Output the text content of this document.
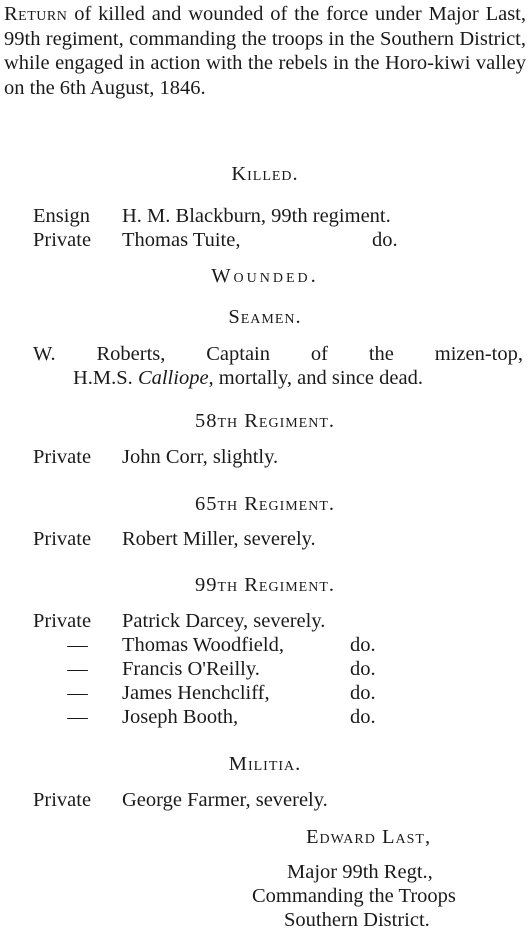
Return of killed and wounded of the force under Major Last, 99th regiment, commanding the troops in the Southern District, while engaged in action with the rebels in the Horo-kiwi valley on the 6th August, 1846.

Killed.
Ensign H. M. Blackburn, 99th regiment.
Private Thomas Tuite,	do.
Wounded.
Seamen.
W. Roberts, Captain of the mizen-top,
H.M.S. Calliope, mortally, and since dead.
58th Regiment.
Private John Corr, slightly.
65th Regiment.
Private Robert Miller, severely.
99th Regiment.
Private Patrick Darcey, severely.
— Thomas Woodfield,	do.
— Francis O'Reilly.	do.
— James Henchcliff,	do.
— Joseph Booth,	do.
Militia.
Private George Farmer, severely.
Edward Last,
Major 99th Regt.,
Commanding the Troops
Southern District.
